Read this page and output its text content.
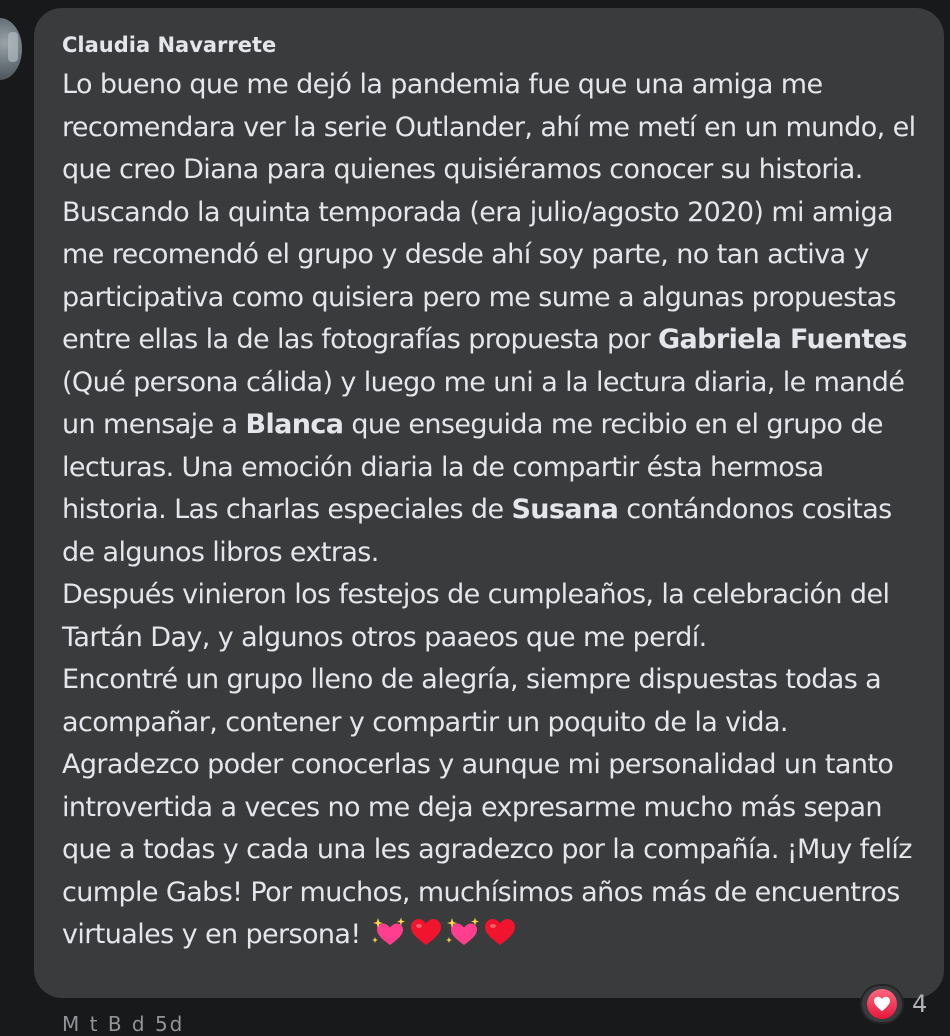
Claudia Navarrete

Lo bueno que me dejó la pandemia fue que una amiga me recomendara ver la serie Outlander, ahí me metí en un mundo, el que creo Diana para quienes quisiéramos conocer su historia.
Buscando la quinta temporada (era julio/agosto 2020) mi amiga me recomendó el grupo y desde ahí soy parte, no tan activa y participativa como quisiera pero me sume a algunas propuestas entre ellas la de las fotografías propuesta por Gabriela Fuentes (Qué persona cálida) y luego me uni a la lectura diaria, le mandé un mensaje a Blanca que enseguida me recibio en el grupo de lecturas. Una emoción diaria la de compartir ésta hermosa historia. Las charlas especiales de Susana contándonos cositas de algunos libros extras.
Después vinieron los festejos de cumpleaños, la celebración del Tartán Day, y algunos otros paaeos que me perdí.
Encontré un grupo lleno de alegría, siempre dispuestas todas a acompañar, contener y compartir un poquito de la vida. Agradezco poder conocerlas y aunque mi personalidad un tanto introvertida a veces no me deja expresarme mucho más sepan que a todas y cada una les agradezco por la compañía. ¡Muy felíz cumple Gabs! Por muchos, muchísimos años más de encuentros virtuales y en persona!

4
M t B d 5d
